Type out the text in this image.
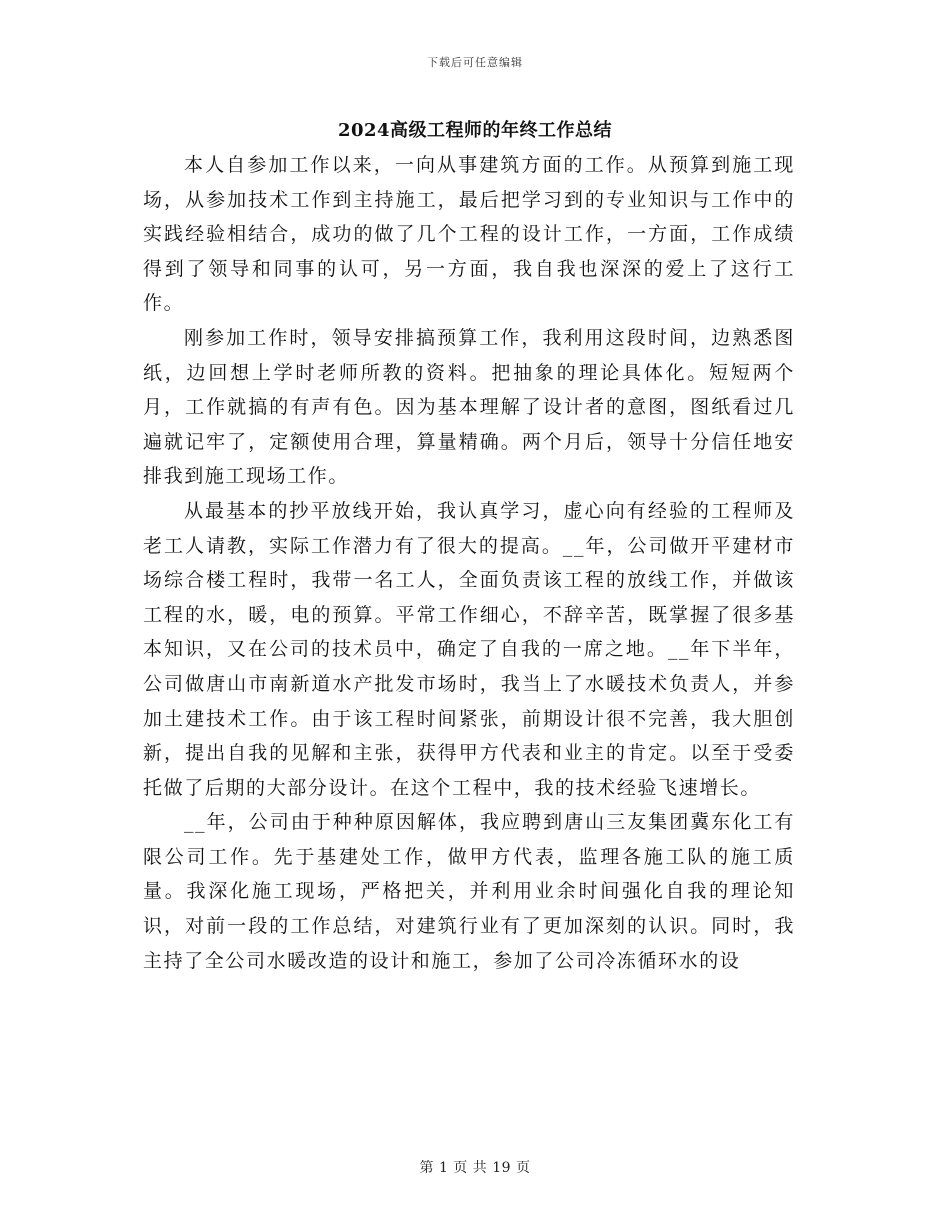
下载后可任意编辑
2024高级工程师的年终工作总结

本人自参加工作以来，一向从事建筑方面的工作。从预算到施工现场，从参加技术工作到主持施工，最后把学习到的专业知识与工作中的实践经验相结合，成功的做了几个工程的设计工作，一方面，工作成绩得到了领导和同事的认可，另一方面，我自我也深深的爱上了这行工作。

刚参加工作时，领导安排搞预算工作，我利用这段时间，边熟悉图纸，边回想上学时老师所教的资料。把抽象的理论具体化。短短两个月，工作就搞的有声有色。因为基本理解了设计者的意图，图纸看过几遍就记牢了，定额使用合理，算量精确。两个月后，领导十分信任地安排我到施工现场工作。

从最基本的抄平放线开始，我认真学习，虚心向有经验的工程师及老工人请教，实际工作潜力有了很大的提高。__年，公司做开平建材市场综合楼工程时，我带一名工人，全面负责该工程的放线工作，并做该工程的水，暖，电的预算。平常工作细心，不辞辛苦，既掌握了很多基本知识，又在公司的技术员中，确定了自我的一席之地。__年下半年，公司做唐山市南新道水产批发市场时，我当上了水暖技术负责人，并参加土建技术工作。由于该工程时间紧张，前期设计很不完善，我大胆创新，提出自我的见解和主张，获得甲方代表和业主的肯定。以至于受委托做了后期的大部分设计。在这个工程中，我的技术经验飞速增长。

__年，公司由于种种原因解体，我应聘到唐山三友集团冀东化工有限公司工作。先于基建处工作，做甲方代表，监理各施工队的施工质量。我深化施工现场，严格把关，并利用业余时间强化自我的理论知识，对前一段的工作总结，对建筑行业有了更加深刻的认识。同时，我主持了全公司水暖改造的设计和施工，参加了公司冷冻循环水的设

第 1 页 共 19 页
